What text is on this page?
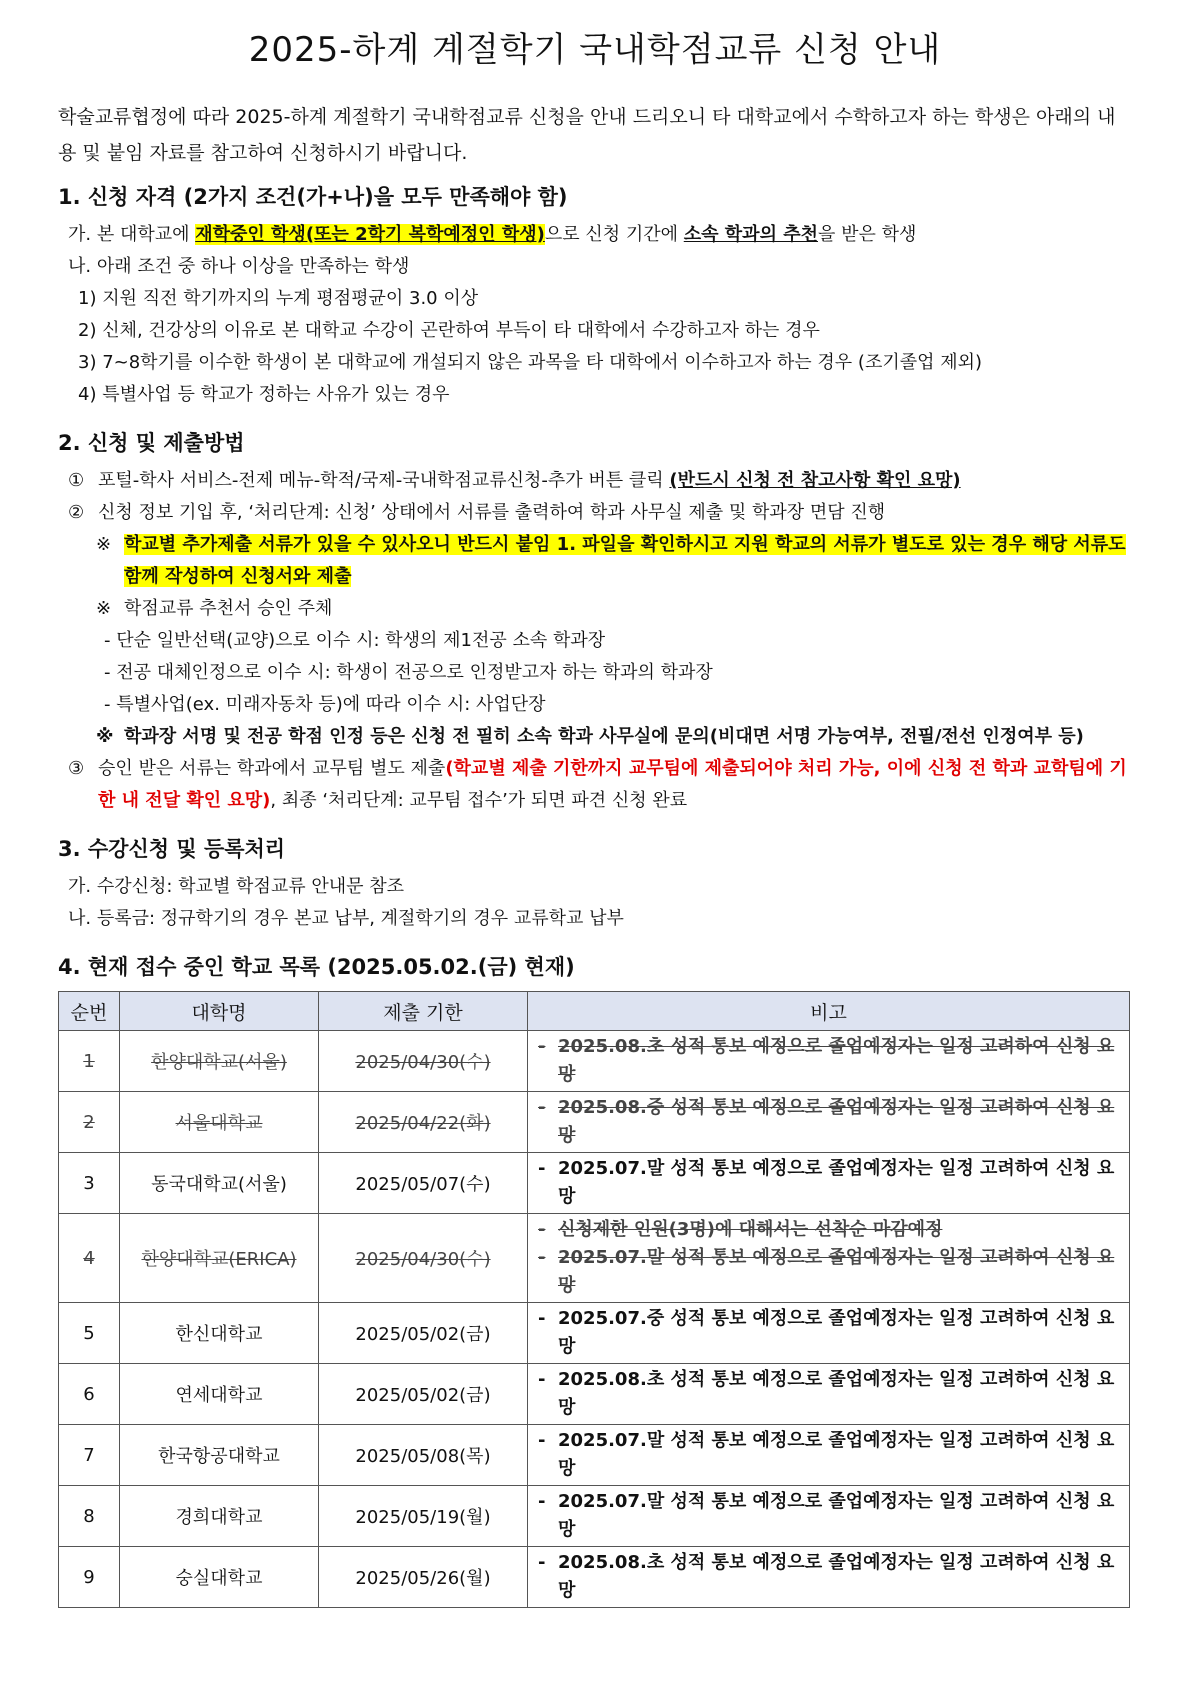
2025-하계 계절학기 국내학점교류 신청 안내

학술교류협정에 따라 2025-하계 계절학기 국내학점교류 신청을 안내 드리오니 타 대학교에서 수학하고자 하는 학생은 아래의 내용 및 붙임 자료를 참고하여 신청하시기 바랍니다.

1. 신청 자격 (2가지 조건(가+나)을 모두 만족해야 함)
가. 본 대학교에 재학중인 학생(또는 2학기 복학예정인 학생)으로 신청 기간에 소속 학과의 추천을 받은 학생
나. 아래 조건 중 하나 이상을 만족하는 학생
1) 지원 직전 학기까지의 누계 평점평균이 3.0 이상
2) 신체, 건강상의 이유로 본 대학교 수강이 곤란하여 부득이 타 대학에서 수강하고자 하는 경우
3) 7~8학기를 이수한 학생이 본 대학교에 개설되지 않은 과목을 타 대학에서 이수하고자 하는 경우 (조기졸업 제외)
4) 특별사업 등 학교가 정하는 사유가 있는 경우
2. 신청 및 제출방법
① 포털-학사 서비스-전제 메뉴-학적/국제-국내학점교류신청-추가 버튼 클릭 (반드시 신청 전 참고사항 확인 요망)
② 신청 정보 기입 후, ‘처리단계: 신청’ 상태에서 서류를 출력하여 학과 사무실 제출 및 학과장 면담 진행
※ 학교별 추가제출 서류가 있을 수 있사오니 반드시 붙임 1. 파일을 확인하시고 지원 학교의 서류가 별도로 있는 경우 해당 서류도 함께 작성하여 신청서와 제출
※ 학점교류 추천서 승인 주체
- 단순 일반선택(교양)으로 이수 시: 학생의 제1전공 소속 학과장
- 전공 대체인정으로 이수 시: 학생이 전공으로 인정받고자 하는 학과의 학과장
- 특별사업(ex. 미래자동차 등)에 따라 이수 시: 사업단장
※ 학과장 서명 및 전공 학점 인정 등은 신청 전 필히 소속 학과 사무실에 문의(비대면 서명 가능여부, 전필/전선 인정여부 등)
③ 승인 받은 서류는 학과에서 교무팀 별도 제출(학교별 제출 기한까지 교무팀에 제출되어야 처리 가능, 이에 신청 전 학과 교학팀에 기한 내 전달 확인 요망), 최종 ‘처리단계: 교무팀 접수’가 되면 파견 신청 완료
3. 수강신청 및 등록처리
가. 수강신청: 학교별 학점교류 안내문 참조
나. 등록금: 정규학기의 경우 본교 납부, 계절학기의 경우 교류학교 납부
4. 현재 접수 중인 학교 목록 (2025.05.02.(금) 현재)
순번	대학명	제출 기한	비고
1	한양대학교(서울)	2025/04/30(수)	- 2025.08.초 성적 통보 예정으로 졸업예정자는 일정 고려하여 신청 요망

2	서울대학교	2025/04/22(화)	- 2025.08.중 성적 통보 예정으로 졸업예정자는 일정 고려하여 신청 요망

3	동국대학교(서울)	2025/05/07(수)	- 2025.07.말 성적 통보 예정으로 졸업예정자는 일정 고려하여 신청 요망

4	한양대학교(ERICA)	2025/04/30(수)	- 신청제한 인원(3명)에 대해서는 선착순 마감예정
- 2025.07.말 성적 통보 예정으로 졸업예정자는 일정 고려하여 신청 요망

5	한신대학교	2025/05/02(금)	- 2025.07.중 성적 통보 예정으로 졸업예정자는 일정 고려하여 신청 요망

6	연세대학교	2025/05/02(금)	- 2025.08.초 성적 통보 예정으로 졸업예정자는 일정 고려하여 신청 요망

7	한국항공대학교	2025/05/08(목)	- 2025.07.말 성적 통보 예정으로 졸업예정자는 일정 고려하여 신청 요망

8	경희대학교	2025/05/19(월)	- 2025.07.말 성적 통보 예정으로 졸업예정자는 일정 고려하여 신청 요망

9	숭실대학교	2025/05/26(월)	- 2025.08.초 성적 통보 예정으로 졸업예정자는 일정 고려하여 신청 요망
